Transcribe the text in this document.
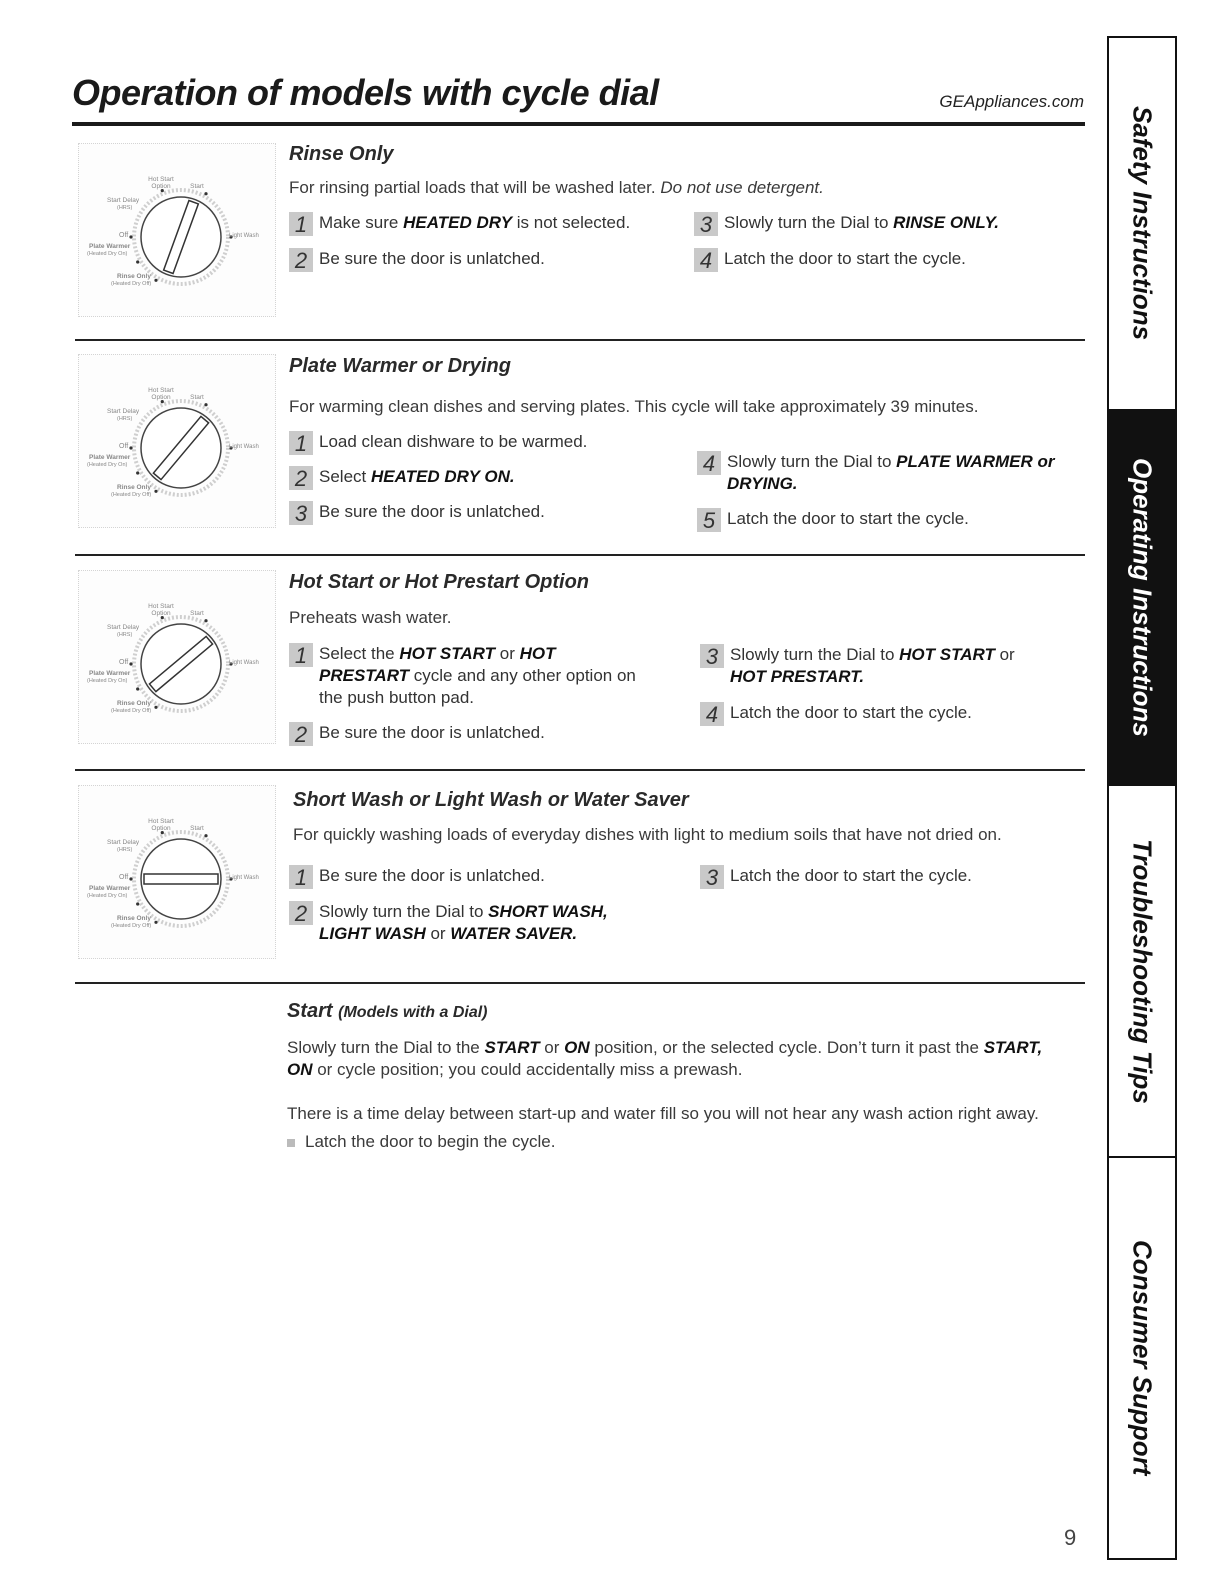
Operation of models with cycle dial	GEAppliances.com
Hot Start
Option	Start
Start Delay
(HRS)
Off	Light Wash
Plate Warmer
(Heated Dry On)
Rinse Only
(Heated Dry Off)
Hot Start
Option	Start
Start Delay
(HRS)
Off	Light Wash
Plate Warmer
(Heated Dry On)
Rinse Only
(Heated Dry Off)
Hot Start
Option	Start
Start Delay
(HRS)
Off	Light Wash
Plate Warmer
(Heated Dry On)
Rinse Only
(Heated Dry Off)
Hot Start
Option	Start
Start Delay
(HRS)
Off	Light Wash
Plate Warmer
(Heated Dry On)
Rinse Only
(Heated Dry Off)
Rinse Only
For rinsing partial loads that will be washed later. Do not use detergent.
1 Make sure HEATED DRY is not selected.
2 Be sure the door is unlatched.
3 Slowly turn the Dial to RINSE ONLY.
4 Latch the door to start the cycle.
Plate Warmer or Drying
For warming clean dishes and serving plates. This cycle will take approximately 39 minutes.
1 Load clean dishware to be warmed.
2 Select HEATED DRY ON.
3 Be sure the door is unlatched.
4 Slowly turn the Dial to PLATE WARMER or DRYING.
5 Latch the door to start the cycle.
Hot Start or Hot Prestart Option
Preheats wash water.
1 Select the HOT START or HOT PRESTART cycle and any other option on the push button pad.
2 Be sure the door is unlatched.
3 Slowly turn the Dial to HOT START or
HOT PRESTART.
4 Latch the door to start the cycle.
Short Wash or Light Wash or Water Saver
For quickly washing loads of everyday dishes with light to medium soils that have not dried on.
1 Be sure the door is unlatched.
2 Slowly turn the Dial to SHORT WASH,
LIGHT WASH or WATER SAVER.
3 Latch the door to start the cycle.
Start (Models with a Dial)
Slowly turn the Dial to the START or ON position, or the selected cycle. Don’t turn it past the START,
ON or cycle position; you could accidentally miss a prewash.
There is a time delay between start-up and water fill so you will not hear any wash action right away.
Latch the door to begin the cycle.
Safety Instructions
Operating Instructions
Troubleshooting Tips
Consumer Support
9
